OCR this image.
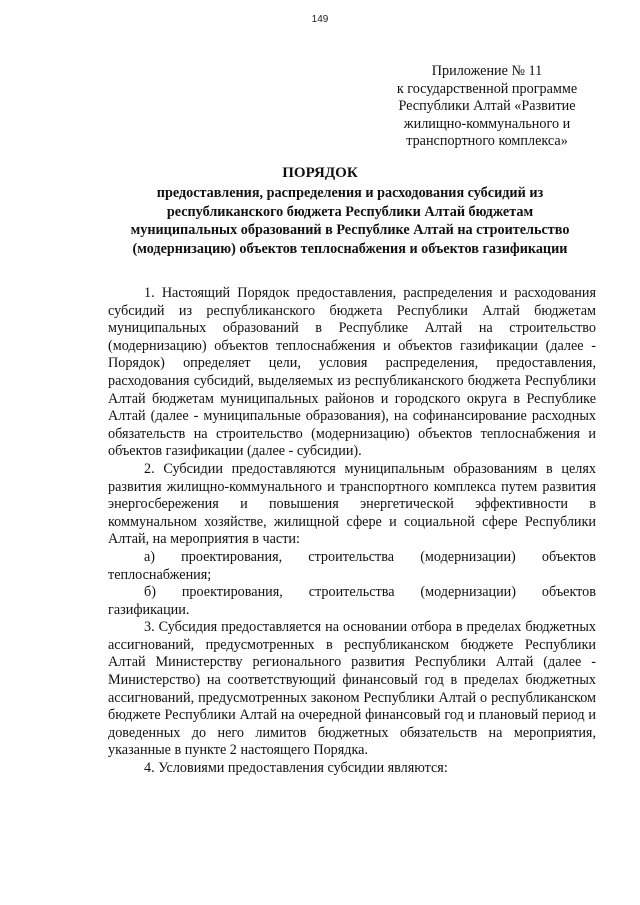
149
Приложение № 11
к государственной программе
Республики Алтай «Развитие
жилищно-коммунального и
транспортного комплекса»
ПОРЯДОК
предоставления, распределения и расходования субсидий из
республиканского бюджета Республики Алтай бюджетам
муниципальных образований в Республике Алтай на строительство
(модернизацию) объектов теплоснабжения и объектов газификации

1. Настоящий Порядок предоставления, распределения и расходования субсидий из республиканского бюджета Республики Алтай бюджетам муниципальных образований в Республике Алтай на строительство (модернизацию) объектов теплоснабжения и объектов газификации (далее - Порядок) определяет цели, условия распределения, предоставления, расходования субсидий, выделяемых из республиканского бюджета Республики Алтай бюджетам муниципальных районов и городского округа в Республике Алтай (далее - муниципальные образования), на софинансирование расходных обязательств на строительство (модернизацию) объектов теплоснабжения и объектов газификации (далее - субсидии).

2. Субсидии предоставляются муниципальным образованиям в целях развития жилищно-коммунального и транспортного комплекса путем развития энергосбережения и повышения энергетической эффективности в коммунальном хозяйстве, жилищной сфере и социальной сфере Республики Алтай, на мероприятия в части:

а) проектирования, строительства (модернизации) объектов
теплоснабжения;
б) проектирования, строительства (модернизации) объектов
газификации.

3. Субсидия предоставляется на основании отбора в пределах бюджетных ассигнований, предусмотренных в республиканском бюджете Республики Алтай Министерству регионального развития Республики Алтай (далее - Министерство) на соответствующий финансовый год в пределах бюджетных ассигнований, предусмотренных законом Республики Алтай о республиканском бюджете Республики Алтай на очередной финансовый год и плановый период и доведенных до него лимитов бюджетных обязательств на мероприятия, указанные в пункте 2 настоящего Порядка.

4. Условиями предоставления субсидии являются:
